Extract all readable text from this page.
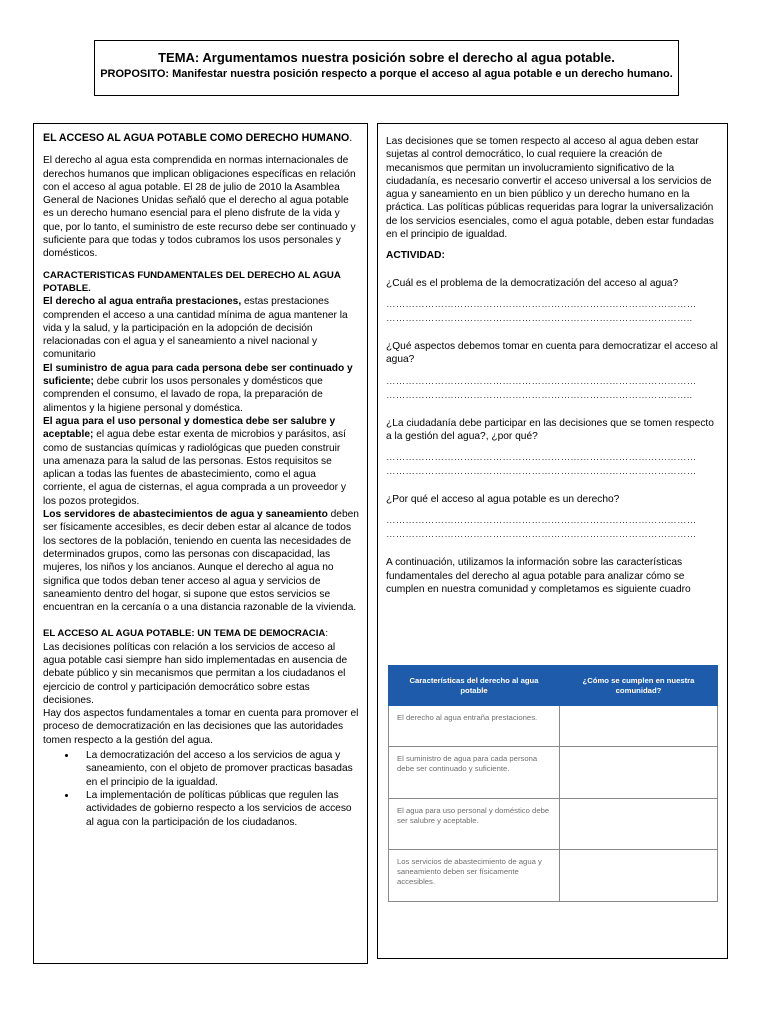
TEMA: Argumentamos nuestra posición sobre el derecho al agua potable.
PROPOSITO: Manifestar nuestra posición respecto a porque el acceso al agua potable e un derecho humano.

EL ACCESO AL AGUA POTABLE COMO DERECHO HUMANO.

El derecho al agua esta comprendida en normas internacionales de derechos humanos que implican obligaciones específicas en relación con el acceso al agua potable. El 28 de julio de 2010 la Asamblea General de Naciones Unidas señaló que el derecho al agua potable es un derecho humano esencial para el pleno disfrute de la vida y que, por lo tanto, el suministro de este recurso debe ser continuado y suficiente para que todas y todos cubramos los usos personales y domésticos.

CARACTERISTICAS FUNDAMENTALES DEL DERECHO AL AGUA POTABLE.

El derecho al agua entraña prestaciones, estas prestaciones comprenden el acceso a una cantidad mínima de agua mantener la vida y la salud, y la participación en la adopción de decisión relacionadas con el agua y el saneamiento a nivel nacional y comunitario

El suministro de agua para cada persona debe ser continuado y suficiente; debe cubrir los usos personales y domésticos que comprenden el consumo, el lavado de ropa, la preparación de alimentos y la higiene personal y doméstica.

El agua para el uso personal y domestica debe ser salubre y aceptable; el agua debe estar exenta de microbios y parásitos, así como de sustancias químicas y radiológicas que pueden construir una amenaza para la salud de las personas. Estos requisitos se aplican a todas las fuentes de abastecimiento, como el agua corriente, el agua de cisternas, el agua comprada a un proveedor y los pozos protegidos.

Los servidores de abastecimientos de agua y saneamiento deben ser físicamente accesibles, es decir deben estar al alcance de todos los sectores de la población, teniendo en cuenta las necesidades de determinados grupos, como las personas con discapacidad, las mujeres, los niños y los ancianos. Aunque el derecho al agua no significa que todos deban tener acceso al agua y servicios de saneamiento dentro del hogar, si supone que estos servicios se encuentran en la cercanía o a una distancia razonable de la vivienda.

EL ACCESO AL AGUA POTABLE: UN TEMA DE DEMOCRACIA:

Las decisiones políticas con relación a los servicios de acceso al agua potable casi siempre han sido implementadas en ausencia de debate público y sin mecanismos que permitan a los ciudadanos el ejercicio de control y participación democrático sobre estas decisiones.

Hay dos aspectos fundamentales a tomar en cuenta para promover el proceso de democratización en las decisiones que las autoridades tomen respecto a la gestión del agua.

• La democratización del acceso a los servicios de agua y saneamiento, con el objeto de promover practicas basadas en el principio de la igualdad.
• La implementación de políticas públicas que regulen las actividades de gobierno respecto a los servicios de acceso al agua con la participación de los ciudadanos.

Las decisiones que se tomen respecto al acceso al agua deben estar sujetas al control democrático, lo cual requiere la creación de mecanismos que permitan un involucramiento significativo de la ciudadanía, es necesario convertir el acceso universal a los servicios de agua y saneamiento en un bien público y un derecho humano en la práctica. Las políticas públicas requeridas para lograr la universalización de los servicios esenciales, como el agua potable, deben estar fundadas en el principio de igualdad.

ACTIVIDAD:

¿Cuál es el problema de la democratización del acceso al agua?

……………………………………………………………………………………
…………………………………………………………………………………..

¿Qué aspectos debemos tomar en cuenta para democratizar el acceso al agua?

……………………………………………………………………………………
…………………………………………………………………………………..

¿La ciudadanía debe participar en las decisiones que se tomen respecto a la gestión del agua?, ¿por qué?

……………………………………………………………………………………
……………………………………………………………………………………

¿Por qué el acceso al agua potable es un derecho?

……………………………………………………………………………………
……………………………………………………………………………………

A continuación, utilizamos la información sobre las características fundamentales del derecho al agua potable para analizar cómo se cumplen en nuestra comunidad y completamos es siguiente cuadro

Características del derecho al agua potable	¿Cómo se cumplen en nuestra comunidad?
El derecho al agua entraña prestaciones.	
El suministro de agua para cada persona debe ser continuado y suficiente.	
El agua para uso personal y doméstico debe ser salubre y aceptable.	
Los servicios de abastecimiento de agua y saneamiento deben ser físicamente accesibles.	
